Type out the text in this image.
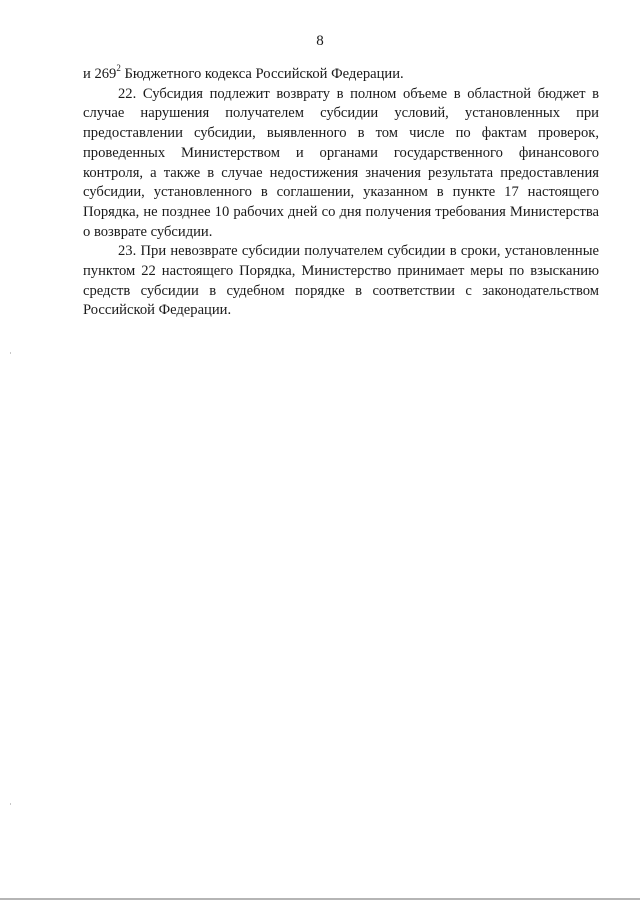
8

и $269^2$ Бюджетного кодекса Российской Федерации.

22. Субсидия подлежит возврату в полном объеме в областной бюджет в случае нарушения получателем субсидии условий, установленных при предоставлении субсидии, выявленного в том числе по фактам проверок, проведенных Министерством и органами государственного финансового контроля, а также в случае недостижения значения результата предоставления субсидии, установленного в соглашении, указанном в пункте 17 настоящего Порядка, не позднее 10 рабочих дней со дня получения требования Министерства о возврате субсидии.

23. При невозврате субсидии получателем субсидии в сроки, установленные пунктом 22 настоящего Порядка, Министерство принимает меры по взысканию средств субсидии в судебном порядке в соответствии с законодательством Российской Федерации.
